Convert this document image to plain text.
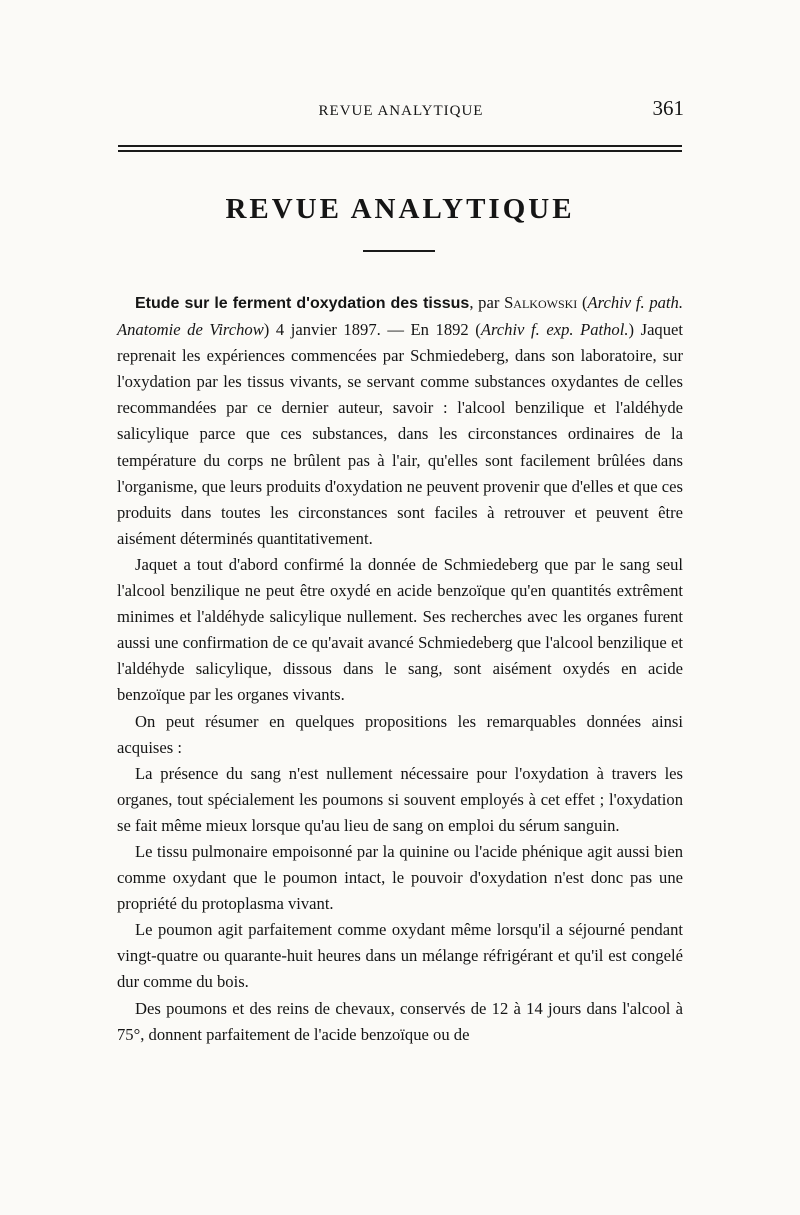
REVUE ANALYTIQUE	361
REVUE ANALYTIQUE

Etude sur le ferment d'oxydation des tissus, par Salkowski (Archiv f. path. Anatomie de Virchow) 4 janvier 1897. — En 1892 (Archiv f. exp. Pathol.) Jaquet reprenait les expériences commencées par Schmiedeberg, dans son laboratoire, sur l'oxydation par les tissus vivants, se servant comme substances oxydantes de celles recommandées par ce dernier auteur, savoir : l'alcool benzilique et l'aldéhyde salicylique parce que ces substances, dans les circonstances ordinaires de la température du corps ne brûlent pas à l'air, qu'elles sont facilement brûlées dans l'organisme, que leurs produits d'oxydation ne peuvent provenir que d'elles et que ces produits dans toutes les circonstances sont faciles à retrouver et peuvent être aisément déterminés quantitativement.

Jaquet a tout d'abord confirmé la donnée de Schmiedeberg que par le sang seul l'alcool benzilique ne peut être oxydé en acide benzoïque qu'en quantités extrêment minimes et l'aldéhyde salicylique nullement. Ses recherches avec les organes furent aussi une confirmation de ce qu'avait avancé Schmiedeberg que l'alcool benzilique et l'aldéhyde salicylique, dissous dans le sang, sont aisément oxydés en acide benzoïque par les organes vivants.

On peut résumer en quelques propositions les remarquables données ainsi acquises :

La présence du sang n'est nullement nécessaire pour l'oxydation à travers les organes, tout spécialement les poumons si souvent employés à cet effet ; l'oxydation se fait même mieux lorsque qu'au lieu de sang on emploi du sérum sanguin.

Le tissu pulmonaire empoisonné par la quinine ou l'acide phénique agit aussi bien comme oxydant que le poumon intact, le pouvoir d'oxydation n'est donc pas une propriété du protoplasma vivant.

Le poumon agit parfaitement comme oxydant même lorsqu'il a séjourné pendant vingt-quatre ou quarante-huit heures dans un mélange réfrigérant et qu'il est congelé dur comme du bois.

Des poumons et des reins de chevaux, conservés de 12 à 14 jours dans l'alcool à 75°, donnent parfaitement de l'acide benzoïque ou de
